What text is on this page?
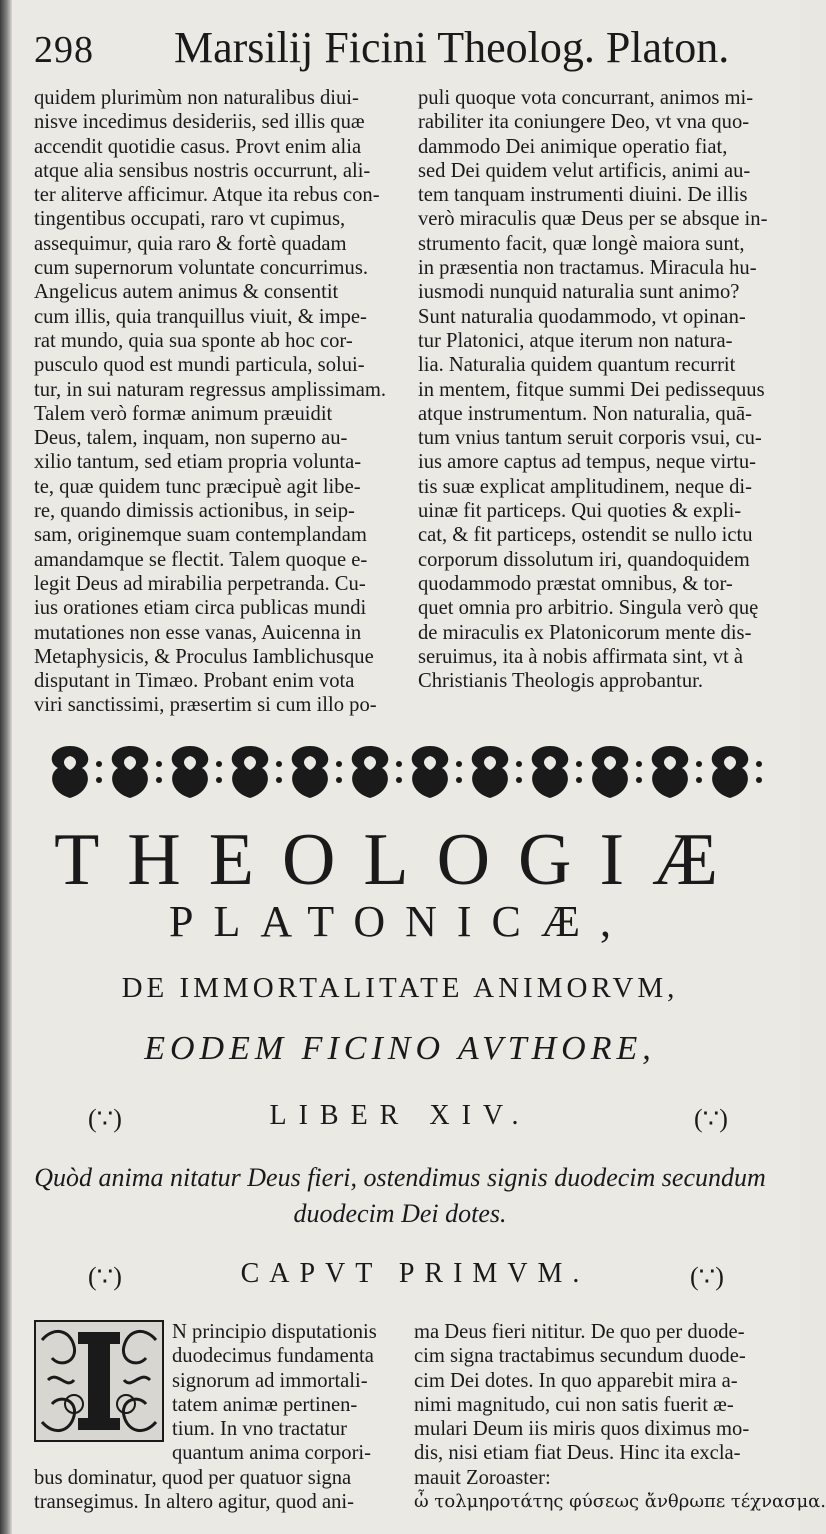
298 Marsilij Ficini Theolog. Platon.
quidem plurimùm non naturalibus diui-
nisve incedimus desideriis, sed illis quæ
accendit quotidie casus. Provt enim alia
atque alia sensibus nostris occurrunt, ali-
ter aliterve afficimur. Atque ita rebus con-
tingentibus occupati, raro vt cupimus,
assequimur, quia raro & fortè quadam
cum supernorum voluntate concurrimus.
Angelicus autem animus & consentit
cum illis, quia tranquillus viuit, & impe-
rat mundo, quia sua sponte ab hoc cor-
pusculo quod est mundi particula, solui-
tur, in sui naturam regressus amplissimam.
Talem verò formæ animum præuidit
Deus, talem, inquam, non superno au-
xilio tantum, sed etiam propria volunta-
te, quæ quidem tunc præcipuè agit libe-
re, quando dimissis actionibus, in seip-
sam, originemque suam contemplandam
amandamque se flectit. Talem quoque e-
legit Deus ad mirabilia perpetranda. Cu-
ius orationes etiam circa publicas mundi
mutationes non esse vanas, Auicenna in
Metaphysicis, & Proculus Iamblichusque
disputant in Timæo. Probant enim vota
viri sanctissimi, præsertim si cum illo po-
puli quoque vota concurrant, animos mi-
rabiliter ita coniungere Deo, vt vna quo-
dammodo Dei animique operatio fiat,
sed Dei quidem velut artificis, animi au-
tem tanquam instrumenti diuini. De illis
verò miraculis quæ Deus per se absque in-
strumento facit, quæ longè maiora sunt,
in præsentia non tractamus. Miracula hu-
iusmodi nunquid naturalia sunt animo?
Sunt naturalia quodammodo, vt opinan-
tur Platonici, atque iterum non natura-
lia. Naturalia quidem quantum recurrit
in mentem, fitque summi Dei pedissequus
atque instrumentum. Non naturalia, quā-
tum vnius tantum seruit corporis vsui, cu-
ius amore captus ad tempus, neque virtu-
tis suæ explicat amplitudinem, neque di-
uinæ fit particeps. Qui quoties & expli-
cat, & fit particeps, ostendit se nullo ictu
corporum dissolutum iri, quandoquidem
quodammodo præstat omnibus, & tor-
quet omnia pro arbitrio. Singula verò quę
de miraculis ex Platonicorum mente dis-
seruimus, ita à nobis affirmata sint, vt à
Christianis Theologis approbantur.
THEOLOGIÆ
PLATONICÆ,
DE IMMORTALITATE ANIMORVM,
EODEM FICINO AVTHORE,
(∵)	LIBER XIV.	(∵)
Quòd anima nitatur Deus fieri, ostendimus signis duodecim secundum
duodecim Dei dotes.
(∵)	CAPVT PRIMVM.	(∵)
N principio disputationis
duodecimus fundamenta
signorum ad immortali-
tatem animæ pertinen-
tium. In vno tractatur
quantum anima corpori-
bus dominatur, quod per quatuor signa
transegimus. In altero agitur, quod ani-
ma Deus fieri nititur. De quo per duode-
cim signa tractabimus secundum duode-
cim Dei dotes. In quo apparebit mira a-
nimi magnitudo, cui non satis fuerit æ-
mulari Deum iis miris quos diximus mo-
dis, nisi etiam fiat Deus. Hinc ita excla-
mauit Zoroaster:
ὦ τολμηροτάτης φύσεως ἄνθρωπε τέχνασμα.
